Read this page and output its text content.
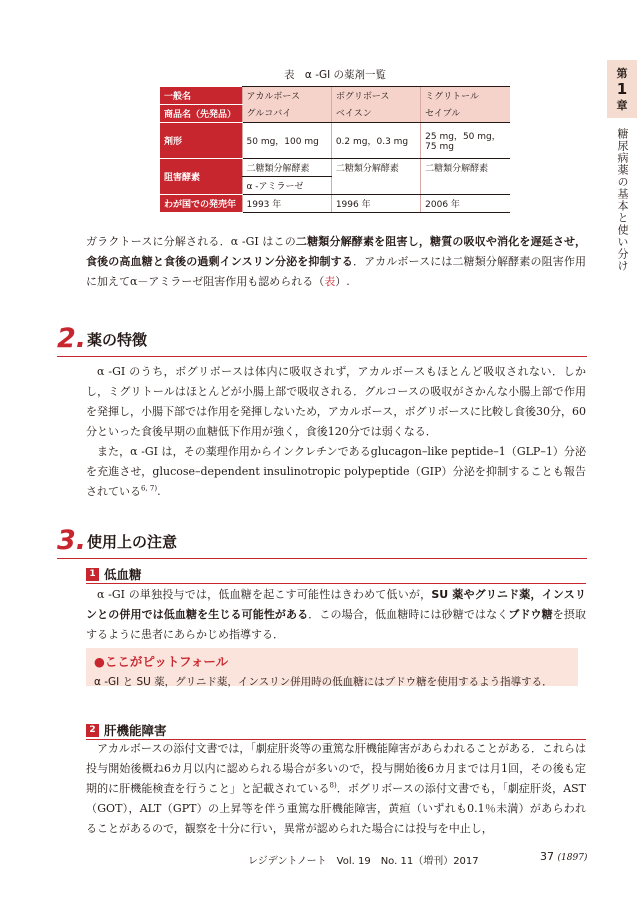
第
1
章
糖尿病薬の基本と使い分け
表　α -GI の薬剤一覧
一般名	アカルボース	ボグリボース	ミグリトール
商品名（先発品）	グルコバイ	ベイスン	セイブル
剤形	50 mg，100 mg	0.2 mg，0.3 mg	25 mg，50 mg，75 mg
阻害酵素	二糖類分解酵素	二糖類分解酵素	二糖類分解酵素
	α -アミラーゼ		
わが国での発売年	1993 年	1996 年	2006 年

ガラクトースに分解される．α -GI はこの二糖類分解酵素を阻害し，糖質の吸収や消化を遅延させ，食後の高血糖と食後の過剰インスリン分泌を抑制する．アカルボースには二糖類分解酵素の阻害作用に加えてα－アミラーゼ阻害作用も認められる（表）.

2. 薬の特徴

α -GI のうち，ボグリボースは体内に吸収されず，アカルボースもほとんど吸収されない．しかし，ミグリトールはほとんどが小腸上部で吸収される．グルコースの吸収がさかんな小腸上部で作用を発揮し，小腸下部では作用を発揮しないため，アカルボース，ボグリボースに比較し食後30分，60分といった食後早期の血糖低下作用が強く，食後120分では弱くなる．

また，α -GI は，その薬理作用からインクレチンであるglucagon–like peptide–1（GLP–1）分泌を充進させ，glucose–dependent insulinotropic polypeptide（GIP）分泌を抑制することも報告されている$^{6, 7)}$.

3. 使用上の注意
1 低血糖

α -GI の単独投与では，低血糖を起こす可能性はきわめて低いが，SU 薬やグリニド薬，インスリンとの併用では低血糖を生じる可能性がある．この場合，低血糖時には砂糖ではなくブドウ糖を摂取するように患者にあらかじめ指導する．

●ここがピットフォール
α -GI と SU 薬，グリニド薬，インスリン併用時の低血糖にはブドウ糖を使用するよう指導する．
2 肝機能障害

アカルボースの添付文書では，「劇症肝炎等の重篤な肝機能障害があらわれることがある．これらは投与開始後概ね6カ月以内に認められる場合が多いので，投与開始後6カ月までは月1回，その後も定期的に肝機能検査を行うこと」と記載されている$^{8)}$．ボグリボースの添付文書でも，「劇症肝炎，AST（GOT），ALT（GPT）の上昇等を伴う重篤な肝機能障害，黄疸（いずれも0.1％未満）があらわれることがあるので，観察を十分に行い，異常が認められた場合には投与を中止し，

レジデントノート　Vol. 19　No. 11（増刊）2017	37 (1897)
